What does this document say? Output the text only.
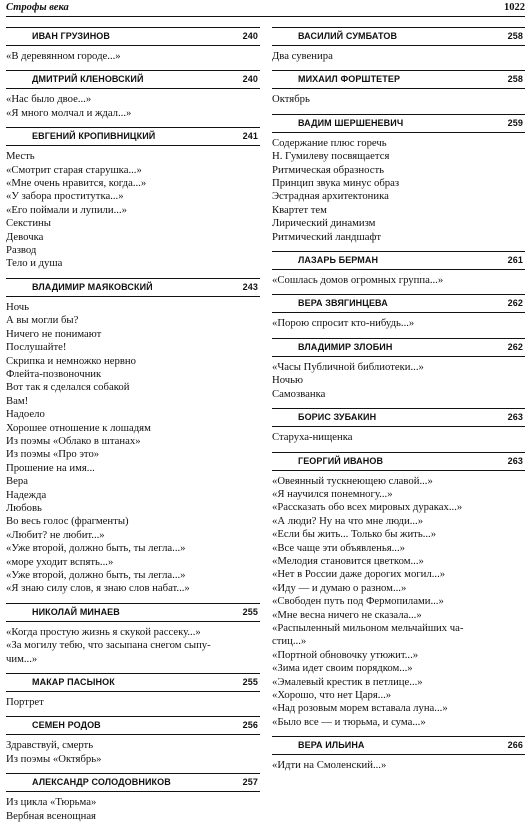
Строфы века	1022
ИВАН ГРУЗИНОВ	240
«В деревянном городе...»
ДМИТРИЙ КЛЕНОВСКИЙ	240
«Нас было двое...»
«Я много молчал и ждал...»
ЕВГЕНИЙ КРОПИВНИЦКИЙ	241
Месть
«Смотрит старая старушка...»
«Мне очень нравится, когда...»
«У забора проститутка...»
«Его поймали и лупили...»
Секстины
Девочка
Развод
Тело и душа
ВЛАДИМИР МАЯКОВСКИЙ	243
Ночь
А вы могли бы?
Ничего не понимают
Послушайте!
Скрипка и немножко нервно
Флейта-позвоночник
Вот так я сделался собакой
Вам!
Надоело
Хорошее отношение к лошадям
Из поэмы «Облако в штанах»
Из поэмы «Про это»
Прошение на имя...
Вера
Надежда
Любовь
Во весь голос (фрагменты)
«Любит? не любит...»
«Уже второй, должно быть, ты легла...»
«море уходит вспять...»
«Уже второй, должно быть, ты легла...»
«Я знаю силу слов, я знаю слов набат...»
НИКОЛАЙ МИНАЕВ	255
«Когда простую жизнь я скукой рассеку...»
«За могилу тебю, что засыпана снегом сыпу-
чим...»
МАКАР ПАСЫНОК	255
Портрет
СЕМЕН РОДОВ	256
Здравствуй, смерть
Из поэмы «Октябрь»
АЛЕКСАНДР СОЛОДОВНИКОВ	257
Из цикла «Тюрьма»
Вербная всенощная
ВАСИЛИЙ СУМБАТОВ	258
Два сувенира
МИХАИЛ ФОРШТЕТЕР	258
Октябрь
ВАДИМ ШЕРШЕНЕВИЧ	259
Содержание плюс горечь
Н. Гумилеву посвящается
Ритмическая образность
Принцип звука минус образ
Эстрадная архитектоника
Квартет тем
Лирический динамизм
Ритмический ландшафт
ЛАЗАРЬ БЕРМАН	261
«Сошлась домов огромных группа...»
ВЕРА ЗВЯГИНЦЕВА	262
«Порою спросит кто-нибудь...»
ВЛАДИМИР ЗЛОБИН	262
«Часы Публичной библиотеки...»
Ночью
Самозванка
БОРИС ЗУБАКИН	263
Старуха-нищенка
ГЕОРГИЙ ИВАНОВ	263
«Овеянный тускнеющею славой...»
«Я научился понемногу...»
«Рассказать обо всех мировых дураках...»
«А люди? Ну на что мне люди...»
«Если бы жить... Только бы жить...»
«Все чаще эти объявленья...»
«Мелодия становится цветком...»
«Нет в России даже дорогих могил...»
«Иду — и думаю о разном...»
«Свободен путь под Фермопилами...»
«Мне весна ничего не сказала...»
«Распыленный мильоном мельчайших ча-
стиц...»
«Портной обновочку утюжит...»
«Зима идет своим порядком...»
«Эмалевый крестик в петлице...»
«Хорошо, что нет Царя...»
«Над розовым морем вставала луна...»
«Было все — и тюрьма, и сума...»
ВЕРА ИЛЬИНА	266
«Идти на Смоленский...»
